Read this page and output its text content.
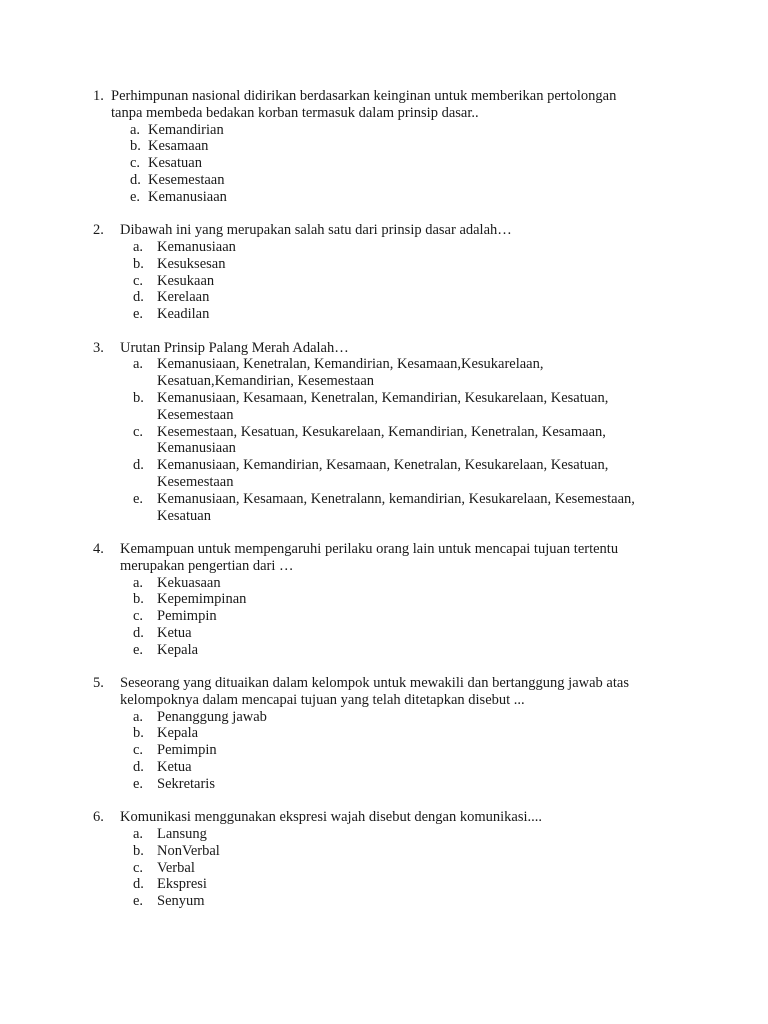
1. Perhimpunan nasional didirikan berdasarkan keinginan untuk memberikan pertolongan
tanpa membeda bedakan korban termasuk dalam prinsip dasar..
a. Kemandirian
b. Kesamaan
c. Kesatuan
d. Kesemestaan
e. Kemanusiaan
2. Dibawah ini yang merupakan salah satu dari prinsip dasar adalah…
a. Kemanusiaan
b. Kesuksesan
c. Kesukaan
d. Kerelaan
e. Keadilan
3. Urutan Prinsip Palang Merah Adalah…
a. Kemanusiaan, Kenetralan, Kemandirian, Kesamaan,Kesukarelaan,
Kesatuan,Kemandirian, Kesemestaan
b. Kemanusiaan, Kesamaan, Kenetralan, Kemandirian, Kesukarelaan, Kesatuan,
Kesemestaan
c. Kesemestaan, Kesatuan, Kesukarelaan, Kemandirian, Kenetralan, Kesamaan,
Kemanusiaan
d. Kemanusiaan, Kemandirian, Kesamaan, Kenetralan, Kesukarelaan, Kesatuan,
Kesemestaan
e. Kemanusiaan, Kesamaan, Kenetralann, kemandirian, Kesukarelaan, Kesemestaan,
Kesatuan
4. Kemampuan untuk mempengaruhi perilaku orang lain untuk mencapai tujuan tertentu
merupakan pengertian dari …
a. Kekuasaan
b. Kepemimpinan
c. Pemimpin
d. Ketua
e. Kepala
5. Seseorang yang dituaikan dalam kelompok untuk mewakili dan bertanggung jawab atas
kelompoknya dalam mencapai tujuan yang telah ditetapkan disebut ...
a. Penanggung jawab
b. Kepala
c. Pemimpin
d. Ketua
e. Sekretaris
6. Komunikasi menggunakan ekspresi wajah disebut dengan komunikasi....
a. Lansung
b. NonVerbal
c. Verbal
d. Ekspresi
e. Senyum
